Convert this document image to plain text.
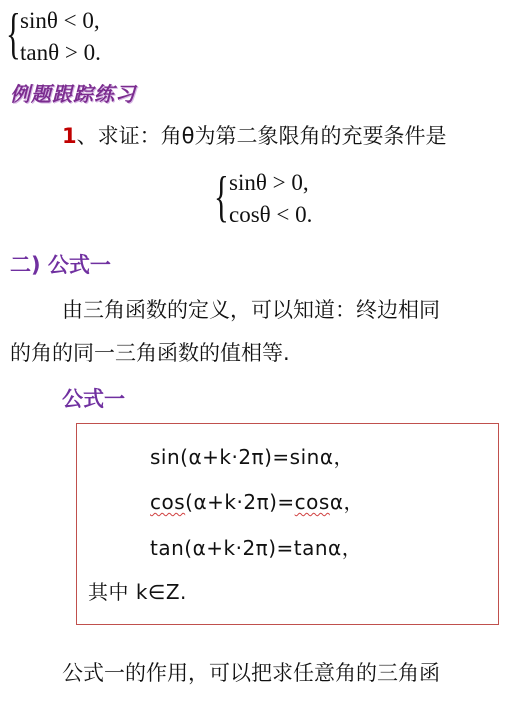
{ sinθ < 0,
tanθ > 0.
例题跟踪练习
1、求证：角θ为第二象限角的充要条件是
{ sinθ > 0,
cosθ < 0.
二) 公式一
由三角函数的定义，可以知道：终边相同
的角的同一三角函数的值相等.
公式一
sin(α+k·2π)=sinα，
cos(α+k·2π)=cosα，
tan(α+k·2π)=tanα，
其中 k∈Z.
公式一的作用，可以把求任意角的三角函
